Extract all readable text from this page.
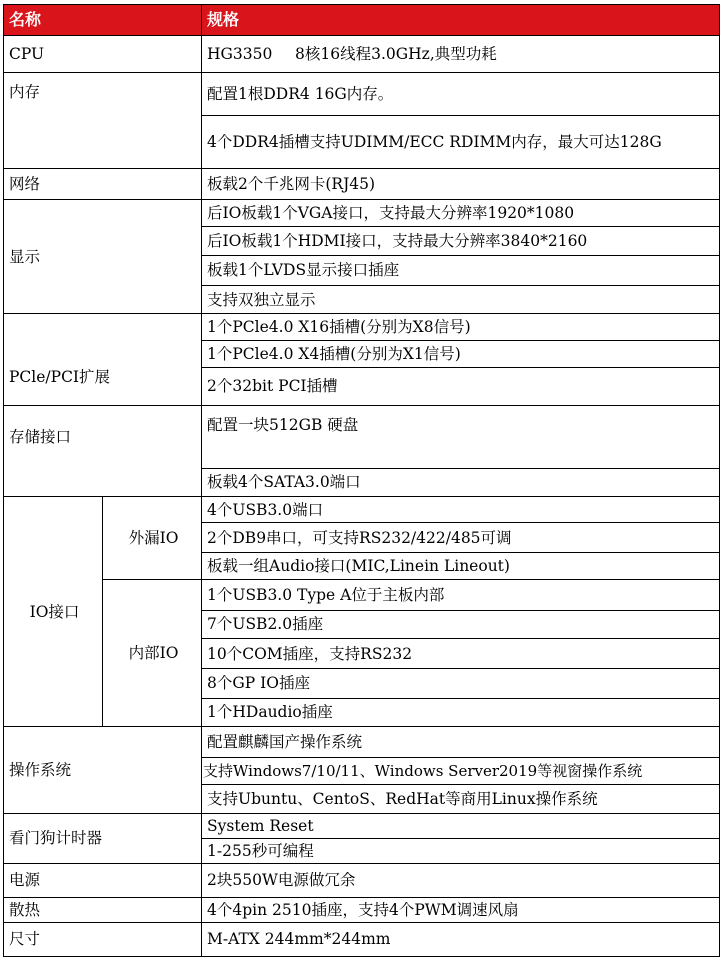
名称		规格
CPU		HG3350 8核16线程3.0GHz,典型功耗
内存		配置1根DDR4 16G内存。
		4个DDR4插槽支持UDIMM/ECC RDIMM内存，最大可达128G
网络		板载2个千兆网卡(RJ45)
显示		后IO板载1个VGA接口，支持最大分辨率1920*1080
		后IO板载1个HDMI接口，支持最大分辨率3840*2160
		板载1个LVDS显示接口插座
		支持双独立显示
PCle/PCI扩展		1个PCle4.0 X16插槽(分别为X8信号)
		1个PCle4.0 X4插槽(分别为X1信号)
		2个32bit PCI插槽
存储接口		配置一块512GB 硬盘
		板载4个SATA3.0端口
IO接口	外漏IO	4个USB3.0端口
		2个DB9串口，可支持RS232/422/485可调
		板载一组Audio接口(MIC,Linein Lineout)
	内部IO	1个USB3.0 Type A位于主板内部
		7个USB2.0插座
		10个COM插座，支持RS232
		8个GP IO插座
		1个HDaudio插座
操作系统		配置麒麟国产操作系统
		支持Windows7/10/11、Windows Server2019等视窗操作系统
		支持Ubuntu、CentoS、RedHat等商用Linux操作系统
看门狗计时器		System Reset
		1-255秒可编程
电源		2块550W电源做冗余
散热		4个4pin 2510插座，支持4个PWM调速风扇
尺寸		M-ATX 244mm*244mm
